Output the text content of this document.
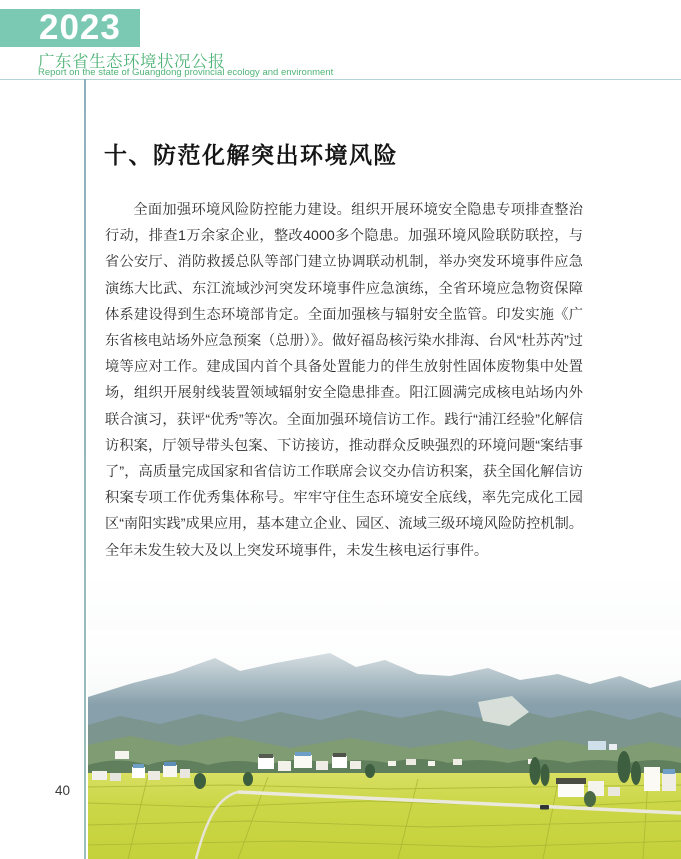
2023
广东省生态环境状况公报
Report on the state of Guangdong provincial ecology and environment
十、防范化解突出环境风险

全面加强环境风险防控能力建设。组织开展环境安全隐患专项排查整治行动，排查1万余家企业，整改4000多个隐患。加强环境风险联防联控，与省公安厅、消防救援总队等部门建立协调联动机制，举办突发环境事件应急演练大比武、东江流域沙河突发环境事件应急演练，全省环境应急物资保障体系建设得到生态环境部肯定。全面加强核与辐射安全监管。印发实施《广东省核电站场外应急预案（总册）》。做好福岛核污染水排海、台风“杜苏芮”过境等应对工作。建成国内首个具备处置能力的伴生放射性固体废物集中处置场，组织开展射线装置领域辐射安全隐患排查。阳江圆满完成核电站场内外联合演习，获评“优秀”等次。全面加强环境信访工作。践行“浦江经验”化解信访积案，厅领导带头包案、下访接访，推动群众反映强烈的环境问题“案结事了”，高质量完成国家和省信访工作联席会议交办信访积案，获全国化解信访积案专项工作优秀集体称号。牢牢守住生态环境安全底线，率先完成化工园区“南阳实践”成果应用，基本建立企业、园区、流域三级环境风险防控机制。全年未发生较大及以上突发环境事件，未发生核电运行事件。

40
